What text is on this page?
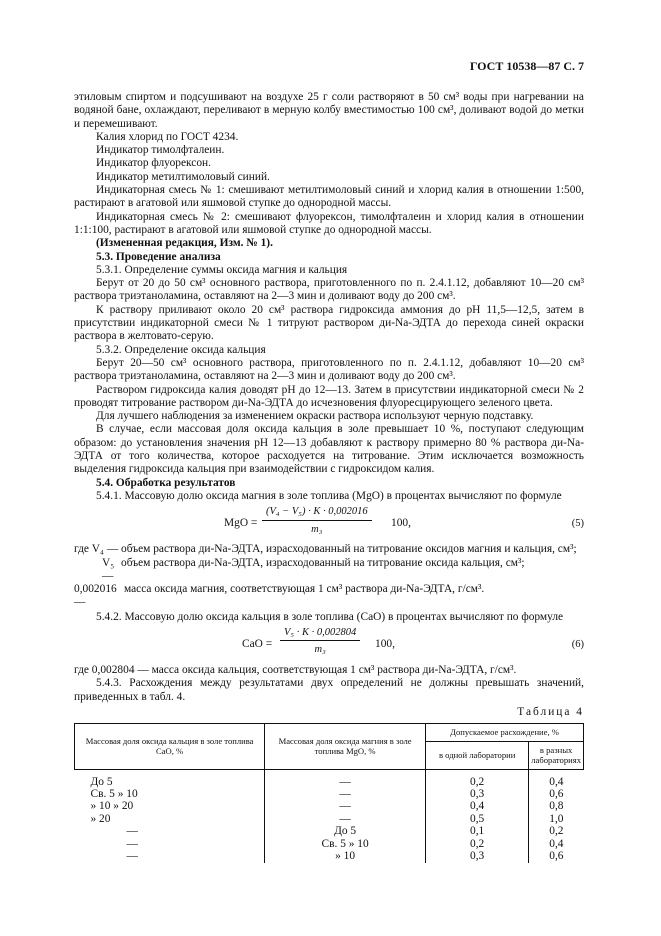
ГОСТ 10538—87 С. 7

этиловым спиртом и подсушивают на воздухе 25 г соли растворяют в 50 см³ воды при нагревании на водяной бане, охлаждают, переливают в мерную колбу вместимостью 100 см³, доливают водой до метки и перемешивают.

Калия хлорид по ГОСТ 4234.

Индикатор тимолфталеин.

Индикатор флуорексон.

Индикатор метилтимоловый синий.

Индикаторная смесь № 1: смешивают метилтимоловый синий и хлорид калия в отношении 1:500, растирают в агатовой или яшмовой ступке до однородной массы.

Индикаторная смесь № 2: смешивают флуорексон, тимолфталеин и хлорид калия в отношении 1:1:100, растирают в агатовой или яшмовой ступке до однородной массы.

(Измененная редакция, Изм. № 1).

5.3. Проведение анализа

5.3.1. Определение суммы оксида магния и кальция

Берут от 20 до 50 см³ основного раствора, приготовленного по п. 2.4.1.12, добавляют 10—20 см³ раствора триэтаноламина, оставляют на 2—3 мин и доливают воду до 200 см³.

К раствору приливают около 20 см³ раствора гидроксида аммония до pH 11,5—12,5, затем в присутствии индикаторной смеси № 1 титруют раствором ди-Na-ЭДТА до перехода синей окраски раствора в желтовато-серую.

5.3.2. Определение оксида кальция

Берут 20—50 см³ основного раствора, приготовленного по п. 2.4.1.12, добавляют 10—20 см³ раствора триэтаноламина, оставляют на 2—3 мин и доливают воду до 200 см³.

Раствором гидроксида калия доводят pH до 12—13. Затем в присутствии индикаторной смеси № 2 проводят титрование раствором ди-Na-ЭДТА до исчезновения флуоресцирующего зеленого цвета.

Для лучшего наблюдения за изменением окраски раствора используют черную подставку.

В случае, если массовая доля оксида кальция в золе превышает 10 %, поступают следующим образом: до установления значения pH 12—13 добавляют к раствору примерно 80 % раствора ди-Na-ЭДТА от того количества, которое расходуется на титрование. Этим исключается возможность выделения гидроксида кальция при взаимодействии с гидроксидом калия.

5.4. Обработка результатов

5.4.1. Массовую долю оксида магния в золе топлива (MgO) в процентах вычисляют по формуле

MgO = $\frac{\text{(V₄ − V₅) · K · 0,002016}}{\text{m₃}} 100$,	(5)
где V₄ — объем раствора ди-Na-ЭДТА, израсходованный на титрование оксидов магния и кальция, см³;
V₅ —
объем раствора ди-Na-ЭДТА, израсходованный на титрование оксида кальция, см³;
0,002016 —
масса оксида магния, соответствующая 1 см³ раствора ди-Na-ЭДТА, г/см³.

5.4.2. Массовую долю оксида кальция в золе топлива (CaO) в процентах вычисляют по формуле

CaO = $\frac{\text{V₅ · K · 0,002804}}{\text{m₃}} 100$,	(6)

где 0,002804 — масса оксида кальция, соответствующая 1 см³ раствора ди-Na-ЭДТА, г/см³.

5.4.3. Расхождения между результатами двух определений не должны превышать значений, приведенных в табл. 4.

Таблица 4
Массовая доля оксида кальция в золе топлива CaO, %	Массовая доля оксида магния в золе топлива MgO, %	Допускаемое расхождение, %	
		в одной лаборатории	в разных лабораториях
До 5	—	0,2	0,4
Св. 5 » 10	—	0,3	0,6
» 10 » 20	—	0,4	0,8
» 20	—	0,5	1,0
—	До 5	0,1	0,2
—	Св. 5 » 10	0,2	0,4
—	» 10	0,3	0,6
